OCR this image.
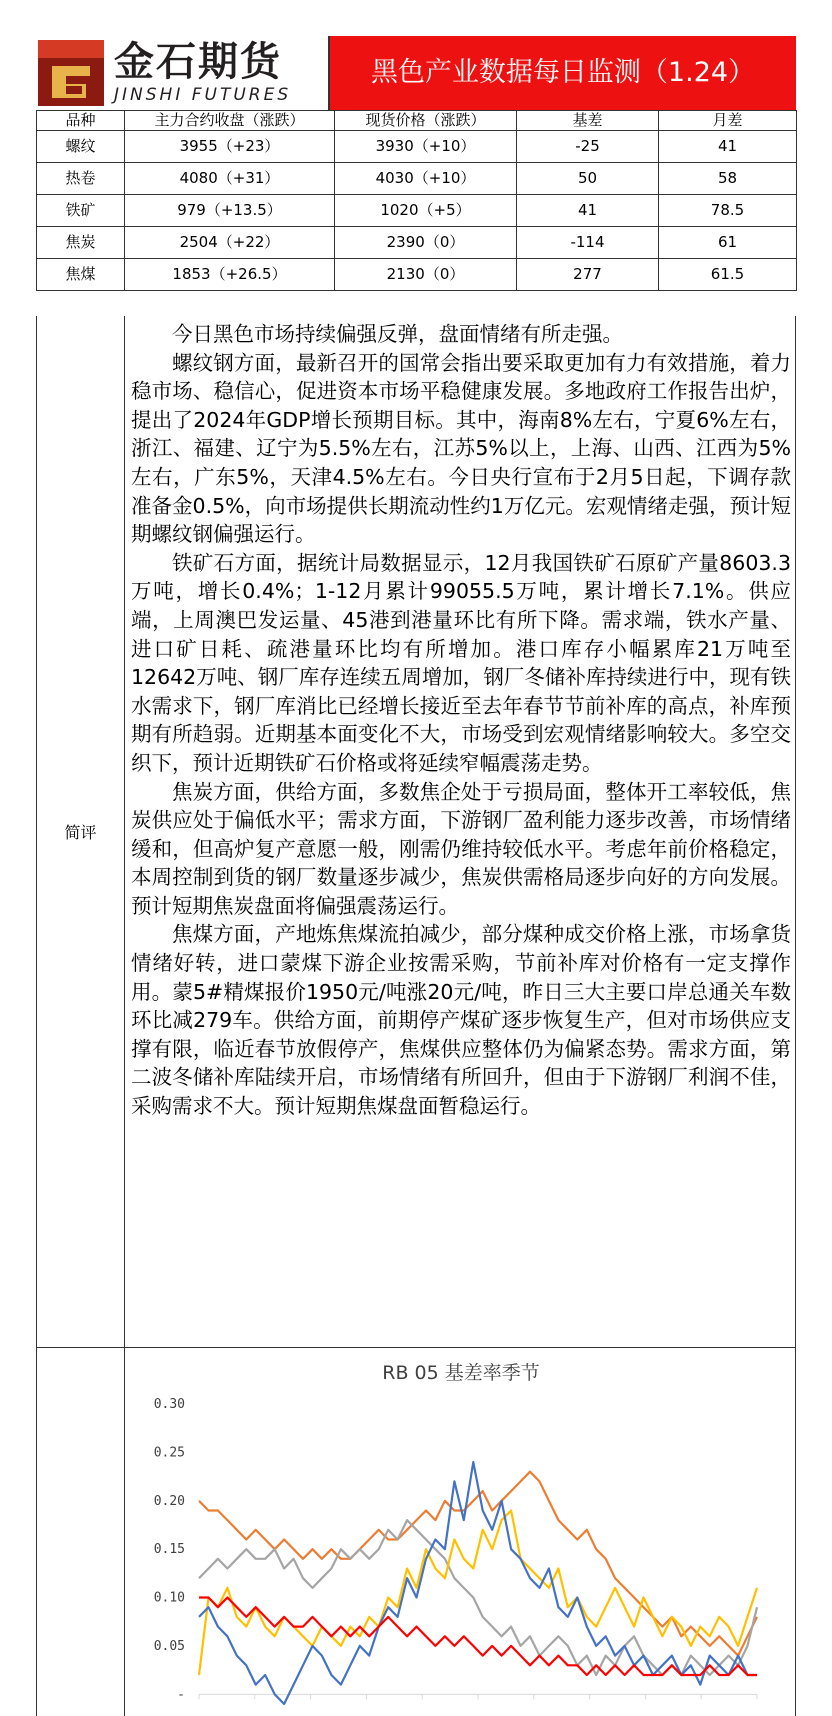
金石期货
JINSHI FUTURES
黑色产业数据每日监测（1.24）
品种	主力合约收盘（涨跌）	现货价格（涨跌）	基差	月差
螺纹	3955（+23）	3930（+10）	-25	41
热卷	4080（+31）	4030（+10）	50	58
铁矿	979（+13.5）	1020（+5）	41	78.5
焦炭	2504（+22）	2390（0）	-114	61
焦煤	1853（+26.5）	2130（0）	277	61.5
简评

今日黑色市场持续偏强反弹，盘面情绪有所走强。

螺纹钢方面，最新召开的国常会指出要采取更加有力有效措施，着力稳市场、稳信心，促进资本市场平稳健康发展。多地政府工作报告出炉，提出了2024年GDP增长预期目标。其中，海南8%左右，宁夏6%左右，浙江、福建、辽宁为5.5%左右，江苏5%以上，上海、山西、江西为5%左右，广东5%，天津4.5%左右。今日央行宣布于2月5日起，下调存款准备金0.5%，向市场提供长期流动性约1万亿元。宏观情绪走强，预计短期螺纹钢偏强运行。

铁矿石方面，据统计局数据显示，12月我国铁矿石原矿产量8603.3万吨，增长0.4%；1-12月累计99055.5万吨，累计增长7.1%。供应端，上周澳巴发运量、45港到港量环比有所下降。需求端，铁水产量、进口矿日耗、疏港量环比均有所增加。港口库存小幅累库21万吨至12642万吨、钢厂库存连续五周增加，钢厂冬储补库持续进行中，现有铁水需求下，钢厂库消比已经增长接近至去年春节节前补库的高点，补库预期有所趋弱。近期基本面变化不大，市场受到宏观情绪影响较大。多空交织下，预计近期铁矿石价格或将延续窄幅震荡走势。

焦炭方面，供给方面，多数焦企处于亏损局面，整体开工率较低，焦炭供应处于偏低水平；需求方面，下游钢厂盈利能力逐步改善，市场情绪缓和，但高炉复产意愿一般，刚需仍维持较低水平。考虑年前价格稳定，本周控制到货的钢厂数量逐步减少，焦炭供需格局逐步向好的方向发展。预计短期焦炭盘面将偏强震荡运行。

焦煤方面，产地炼焦煤流拍减少，部分煤种成交价格上涨，市场拿货情绪好转，进口蒙煤下游企业按需采购，节前补库对价格有一定支撑作用。蒙5#精煤报价1950元/吨涨20元/吨，昨日三大主要口岸总通关车数环比减279车。供给方面，前期停产煤矿逐步恢复生产，但对市场供应支撑有限，临近春节放假停产，焦煤供应整体仍为偏紧态势。需求方面，第二波冬储补库陆续开启，市场情绪有所回升，但由于下游钢厂利润不佳，采购需求不大。预计短期焦煤盘面暂稳运行。

RB 05 基差率季节
-
0.05
0.10
0.15
0.20
0.25
0.30
